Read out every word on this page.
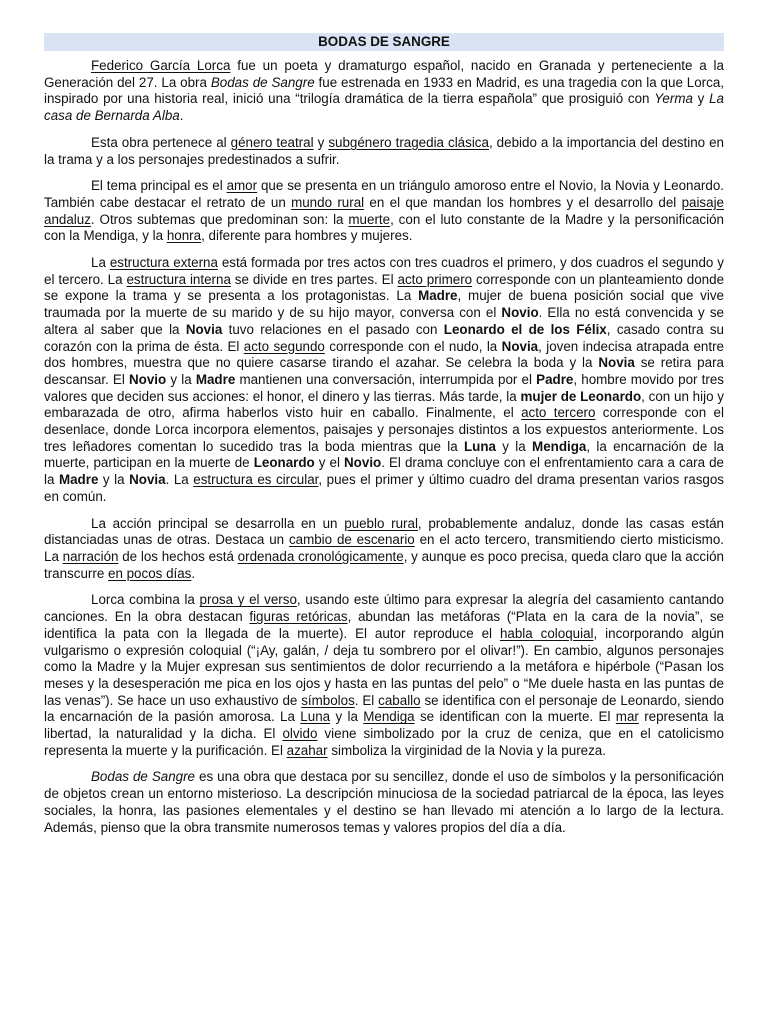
BODAS DE SANGRE

Federico García Lorca fue un poeta y dramaturgo español, nacido en Granada y perteneciente a la Generación del 27. La obra Bodas de Sangre fue estrenada en 1933 en Madrid, es una tragedia con la que Lorca, inspirado por una historia real, inició una “trilogía dramática de la tierra española” que prosiguió con Yerma y La casa de Bernarda Alba.

Esta obra pertenece al género teatral y subgénero tragedia clásica, debido a la importancia del destino en la trama y a los personajes predestinados a sufrir.

El tema principal es el amor que se presenta en un triángulo amoroso entre el Novio, la Novia y Leonardo. También cabe destacar el retrato de un mundo rural en el que mandan los hombres y el desarrollo del paisaje andaluz. Otros subtemas que predominan son: la muerte, con el luto constante de la Madre y la personificación con la Mendiga, y la honra, diferente para hombres y mujeres.

La estructura externa está formada por tres actos con tres cuadros el primero, y dos cuadros el segundo y el tercero. La estructura interna se divide en tres partes. El acto primero corresponde con un planteamiento donde se expone la trama y se presenta a los protagonistas. La Madre, mujer de buena posición social que vive traumada por la muerte de su marido y de su hijo mayor, conversa con el Novio. Ella no está convencida y se altera al saber que la Novia tuvo relaciones en el pasado con Leonardo el de los Félix, casado contra su corazón con la prima de ésta. El acto segundo corresponde con el nudo, la Novia, joven indecisa atrapada entre dos hombres, muestra que no quiere casarse tirando el azahar. Se celebra la boda y la Novia se retira para descansar. El Novio y la Madre mantienen una conversación, interrumpida por el Padre, hombre movido por tres valores que deciden sus acciones: el honor, el dinero y las tierras. Más tarde, la mujer de Leonardo, con un hijo y embarazada de otro, afirma haberlos visto huir en caballo. Finalmente, el acto tercero corresponde con el desenlace, donde Lorca incorpora elementos, paisajes y personajes distintos a los expuestos anteriormente. Los tres leñadores comentan lo sucedido tras la boda mientras que la Luna y la Mendiga, la encarnación de la muerte, participan en la muerte de Leonardo y el Novio. El drama concluye con el enfrentamiento cara a cara de la Madre y la Novia. La estructura es circular, pues el primer y último cuadro del drama presentan varios rasgos en común.

La acción principal se desarrolla en un pueblo rural, probablemente andaluz, donde las casas están distanciadas unas de otras. Destaca un cambio de escenario en el acto tercero, transmitiendo cierto misticismo. La narración de los hechos está ordenada cronológicamente, y aunque es poco precisa, queda claro que la acción transcurre en pocos días.

Lorca combina la prosa y el verso, usando este último para expresar la alegría del casamiento cantando canciones. En la obra destacan figuras retóricas, abundan las metáforas (“Plata en la cara de la novia”, se identifica la pata con la llegada de la muerte). El autor reproduce el habla coloquial, incorporando algún vulgarismo o expresión coloquial (“¡Ay, galán, / deja tu sombrero por el olivar!”). En cambio, algunos personajes como la Madre y la Mujer expresan sus sentimientos de dolor recurriendo a la metáfora e hipérbole (“Pasan los meses y la desesperación me pica en los ojos y hasta en las puntas del pelo” o “Me duele hasta en las puntas de las venas”). Se hace un uso exhaustivo de símbolos. El caballo se identifica con el personaje de Leonardo, siendo la encarnación de la pasión amorosa. La Luna y la Mendiga se identifican con la muerte. El mar representa la libertad, la naturalidad y la dicha. El olvido viene simbolizado por la cruz de ceniza, que en el catolicismo representa la muerte y la purificación. El azahar simboliza la virginidad de la Novia y la pureza.

Bodas de Sangre es una obra que destaca por su sencillez, donde el uso de símbolos y la personificación de objetos crean un entorno misterioso. La descripción minuciosa de la sociedad patriarcal de la época, las leyes sociales, la honra, las pasiones elementales y el destino se han llevado mi atención a lo largo de la lectura. Además, pienso que la obra transmite numerosos temas y valores propios del día a día.
